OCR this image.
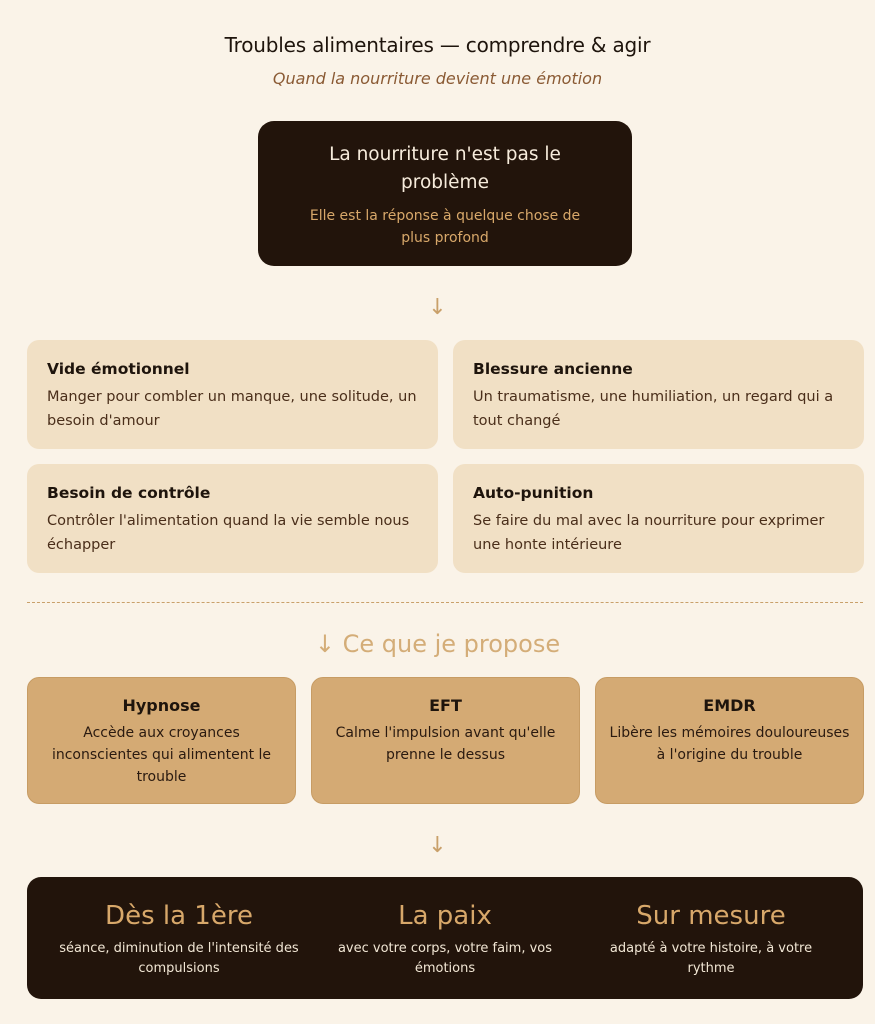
Troubles alimentaires — comprendre & agir
Quand la nourriture devient une émotion
La nourriture n'est pas le problème
Elle est la réponse à quelque chose de plus profond
↓
Vide émotionnel
Manger pour combler un manque, une solitude, un besoin d'amour
Blessure ancienne
Un traumatisme, une humiliation, un regard qui a tout changé
Besoin de contrôle
Contrôler l'alimentation quand la vie semble nous échapper
Auto-punition
Se faire du mal avec la nourriture pour exprimer une honte intérieure
↓ Ce que je propose
Hypnose
Accède aux croyances inconscientes qui alimentent le trouble
EFT
Calme l'impulsion avant qu'elle prenne le dessus
EMDR
Libère les mémoires douloureuses à l'origine du trouble
↓
Dès la 1ère
séance, diminution de l'intensité des compulsions
La paix
avec votre corps, votre faim, vos émotions
Sur mesure
adapté à votre histoire, à votre rythme
